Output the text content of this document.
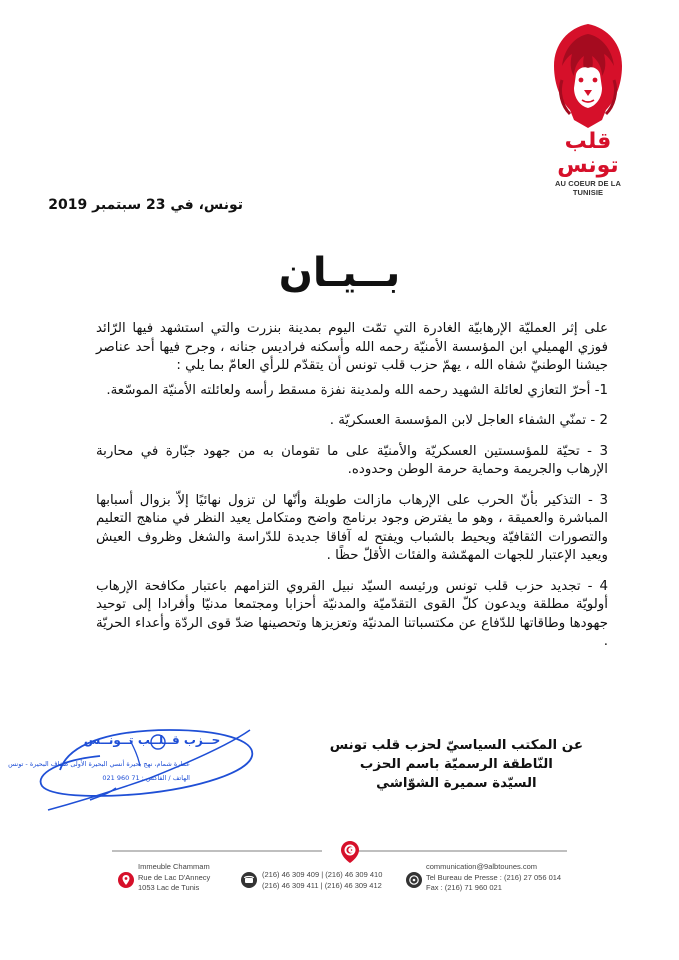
قلب تونس
AU COEUR DE LA TUNISIE
تونس، في 23 سبتمبر 2019
بــيـان

على إثر العمليّة الإرهابيّة الغادرة التي تمّت اليوم بمدينة بنزرت والتي استشهد فيها الرّائد فوزي الهميلي ابن المؤسسة الأمنيّة رحمه الله وأسكنه فراديس جنانه ، وجرح فيها أحد عناصر جيشنا الوطنيّ شفاه الله ، يهمّ حزب قلب تونس أن يتقدّم للرأي العامّ بما يلي :

1- أحرّ التعازي لعائلة الشهيد رحمه الله ولمدينة نفزة مسقط رأسه ولعائلته الأمنيّة الموسّعة.

2 - تمنّي الشفاء العاجل لابن المؤسسة العسكريّة .

3 - تحيّة للمؤسستين العسكريّة والأمنيّة على ما تقومان به من جهود جبّارة في محاربة الإرهاب والجريمة وحماية حرمة الوطن وحدوده.

3 - التذكير بأنّ الحرب على الإرهاب مازالت طويلة وأنّها لن تزول نهائيًا إلاّ بزوال أسبابها المباشرة والعميقة ، وهو ما يفترض وجود برنامج واضح ومتكامل يعيد النظر في مناهج التعليم والتصورات الثقافيّة ويحيط بالشباب ويفتح له آفاقا جديدة للدّراسة والشغل وظروف العيش ويعيد الإعتبار للجهات المهمّشة والفئات الأقلّ حظًا .

4 - تجديد حزب قلب تونس ورئيسه السيّد نبيل القروي التزامهم باعتبار مكافحة الإرهاب أولويّة مطلقة ويدعون كلّ القوى التقدّميّة والمدنيّة أحزابا ومجتمعا مدنيّا وأفرادا إلى توحيد جهودها وطاقاتها للدّفاع عن مكتسباتنا المدنيّة وتعزيزها وتحصينها ضدّ قوى الردّة وأعداء الحريّة .

عن المكتب السياسيّ لحزب قلب تونس
النّاطقة الرسميّة باسم الحزب
السيّدة سميرة الشوّاشي
حــزب قــلــب تــونــس
عمارة شمام، نهج بحيرة أنسي البحيرة الأولى ضفاف البحيرة - تونس
الهاتف / الفاكس : 71 960 021
Immeuble Chammam
Rue de Lac D'Annecy
1053 Lac de Tunis
(216) 46 309 409 | (216) 46 309 410
(216) 46 309 411 | (216) 46 309 412
communication@9albtounes.com
Tel Bureau de Presse : (216) 27 056 014
Fax : (216) 71 960 021
